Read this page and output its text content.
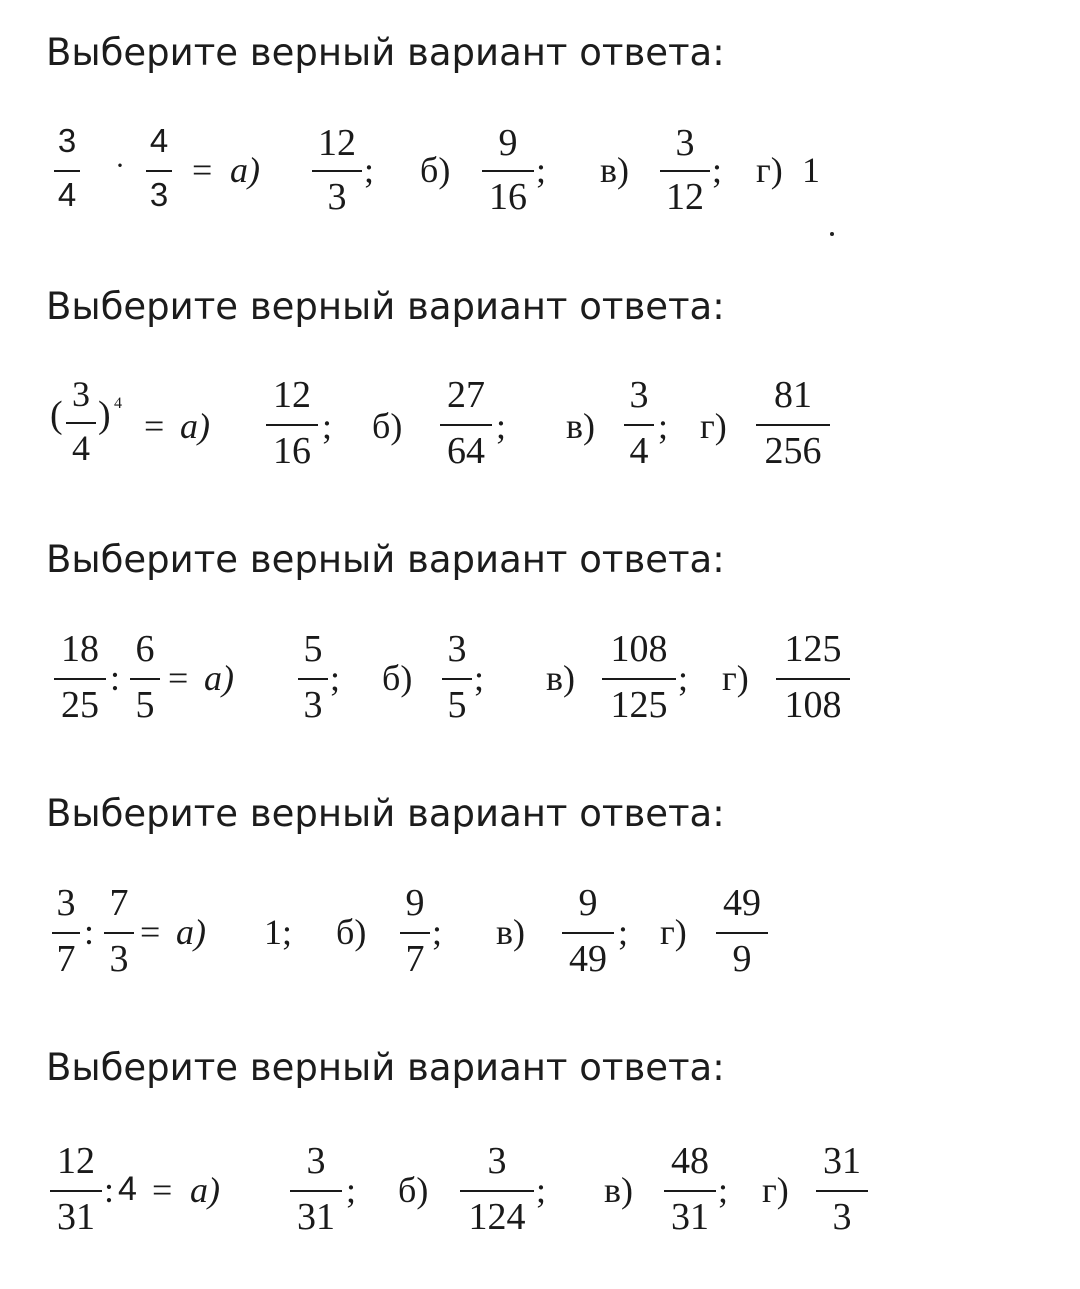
Выберите верный вариант ответа:
3
4
·
4
3
= а)
12
3
; б)
9
16
; в)
3
12
; г) 1
Выберите верный вариант ответа:
( 3
4
) 4
= а)
12
16
; б)
27
64
; в)
3
4
; г)
81
256
Выберите верный вариант ответа:
18
25
:
6
5
= а)
5
3
; б)
3
5
; в)
108
125
; г)
125
108
Выберите верный вариант ответа:
3
7
:
7
3
= а) 1 ; б)
9
7
; в)
9
49
; г)
49
9
Выберите верный вариант ответа:
12
31
: 4 = а)
3
31
; б)
3
124
; в)
48
31
; г)
31
3
